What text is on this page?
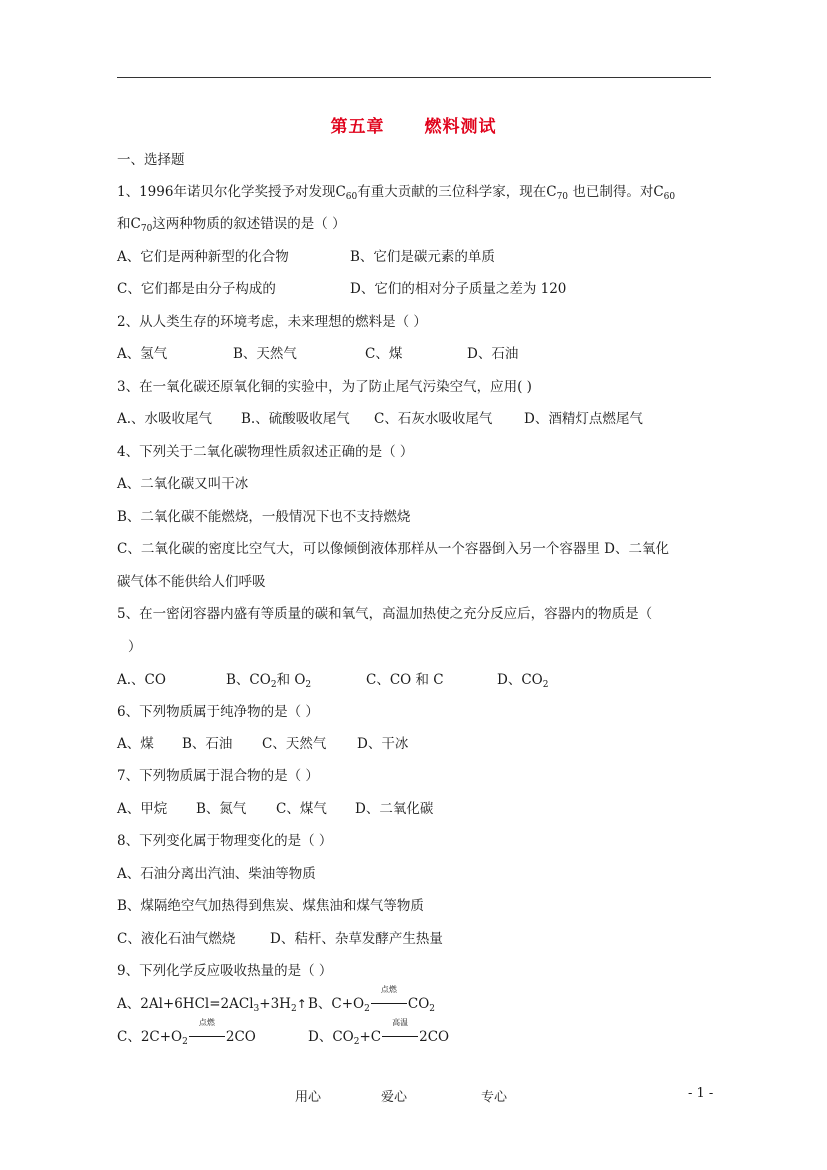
第五章 燃料测试
一、选择题
1、1996年诺贝尔化学奖授予对发现$C_{60}$有重大贡献的三位科学家，现在$C_{70}$ 也已制得。对$C_{60}$
和$C_{70}$这两种物质的叙述错误的是（ ）
A、它们是两种新型的化合物	B、它们是碳元素的单质
C、它们都是由分子构成的	D、它们的相对分子质量之差为 120
2、从人类生存的环境考虑，未来理想的燃料是（ ）
A、氢气	B、天然气	C、煤	D、石油
3、在一氧化碳还原氧化铜的实验中，为了防止尾气污染空气，应用( )
A.、水吸收尾气 B.、硫酸吸收尾气 C、石灰水吸收尾气 D、酒精灯点燃尾气
4、下列关于二氧化碳物理性质叙述正确的是（ ）
A、二氧化碳又叫干冰
B、二氧化碳不能燃烧，一般情况下也不支持燃烧
C、二氧化碳的密度比空气大，可以像倾倒液体那样从一个容器倒入另一个容器里 D、二氧化
碳气体不能供给人们呼吸
5、在一密闭容器内盛有等质量的碳和氧气，高温加热使之充分反应后，容器内的物质是（
）
A.、CO	B、$CO_2$和 $O_2$	C、CO 和 C	D、$CO_2$
6、下列物质属于纯净物的是（ ）
A、煤 B、石油 C、天然气 D、干冰
7、下列物质属于混合物的是（ ）
A、甲烷 B、氮气 C、煤气 D、二氧化碳
8、下列变化属于物理变化的是（ ）
A、石油分离出汽油、柴油等物质
B、煤隔绝空气加热得到焦炭、煤焦油和煤气等物质
C、液化石油气燃烧	D、秸杆、杂草发酵产生热量
9、下列化学反应吸收热量的是（ ）
A、$2Al+6HCl=2ACl_3+3H_2↑$ B、$C+O_2$
点燃
$CO_2$
C、$2C+O_2$
点燃
2CO	D、$CO_2+C$
高温
2CO
用心	爱心	专心	- 1 -
